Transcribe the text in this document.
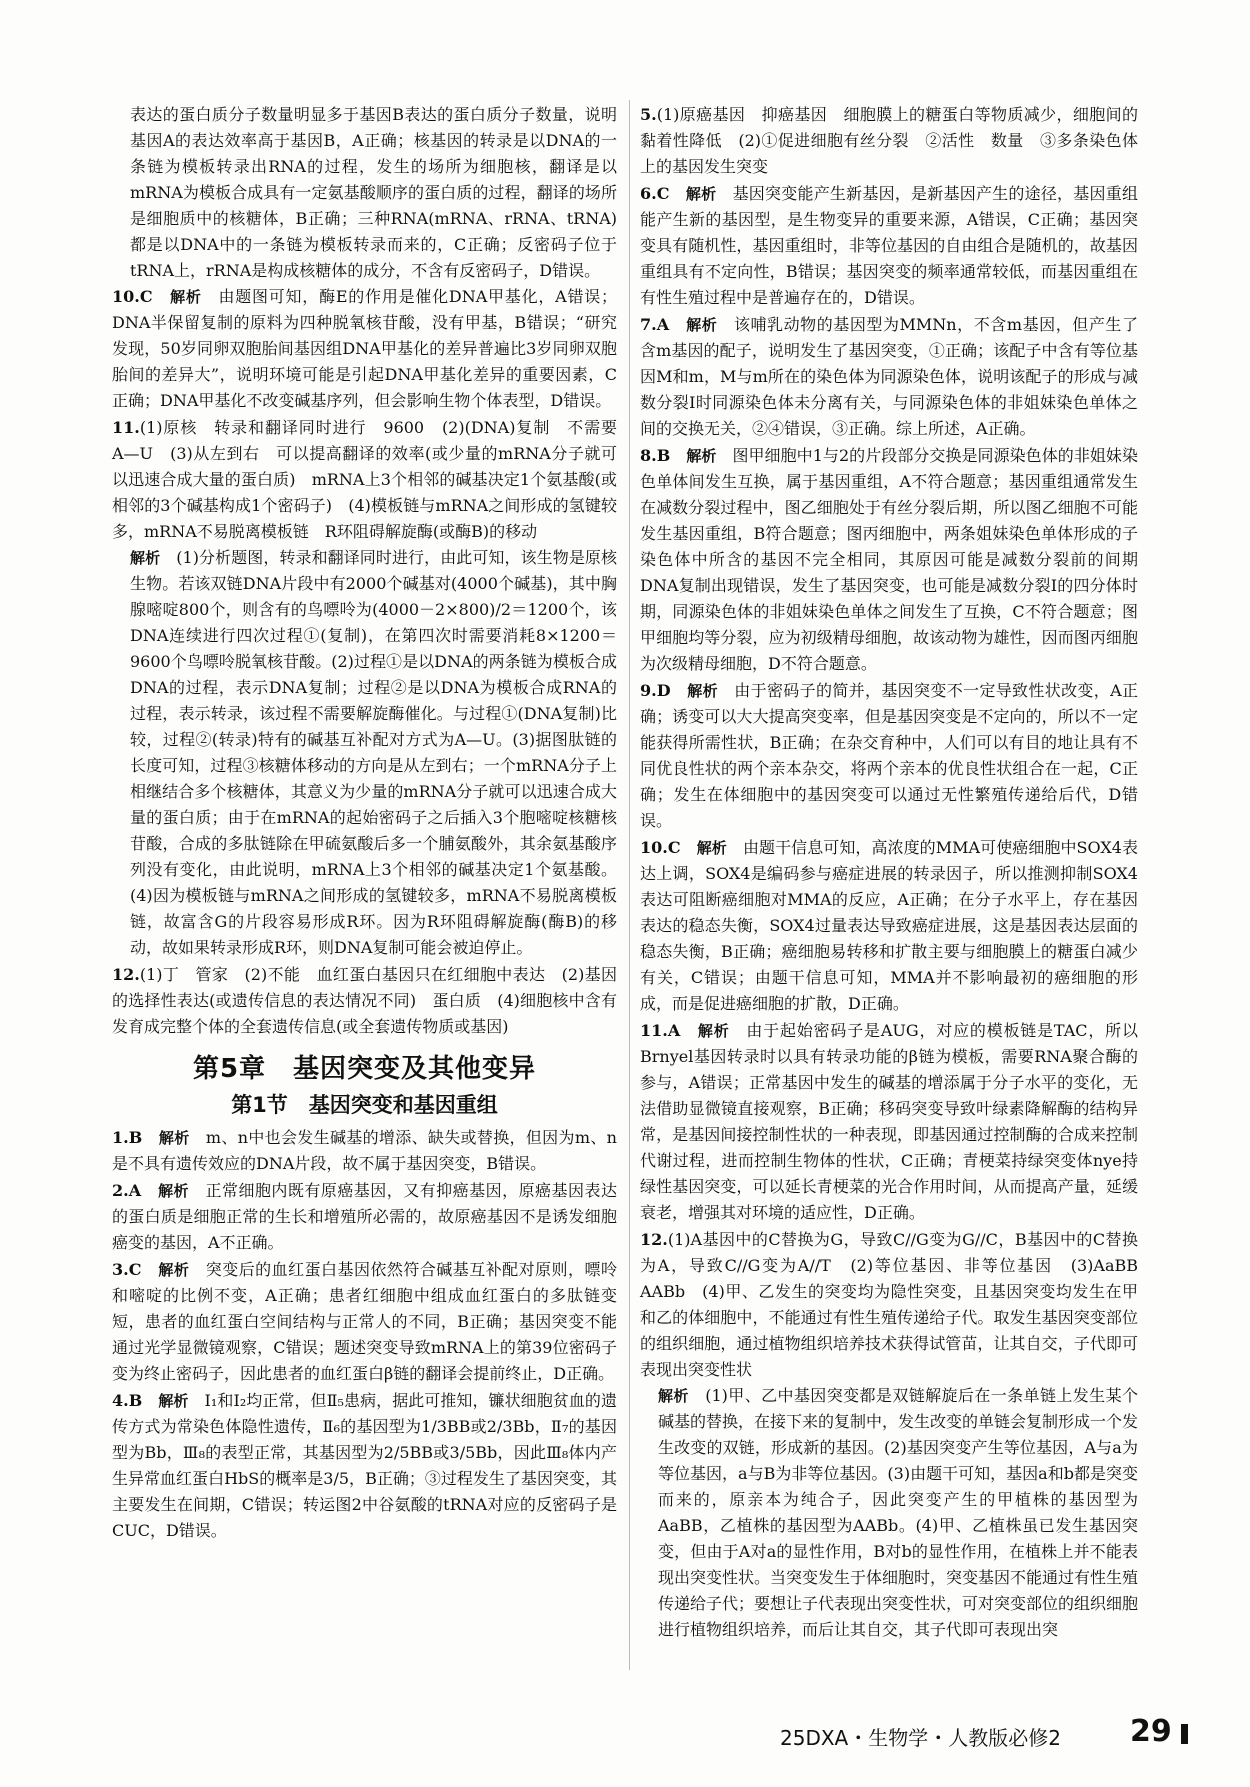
表达的蛋白质分子数量明显多于基因B表达的蛋白质分子数量，说明基因A的表达效率高于基因B，A正确；核基因的转录是以DNA的一条链为模板转录出RNA的过程，发生的场所为细胞核，翻译是以mRNA为模板合成具有一定氨基酸顺序的蛋白质的过程，翻译的场所是细胞质中的核糖体，B正确；三种RNA(mRNA、rRNA、tRNA)都是以DNA中的一条链为模板转录而来的，C正确；反密码子位于tRNA上，rRNA是构成核糖体的成分，不含有反密码子，D错误。
10.C　 解析　 由题图可知，酶E的作用是催化DNA甲基化，A错误；DNA半保留复制的原料为四种脱氧核苷酸，没有甲基，B错误；“研究发现，50岁同卵双胞胎间基因组DNA甲基化的差异普遍比3岁同卵双胞胎间的差异大”，说明环境可能是引起DNA甲基化差异的重要因素，C正确；DNA甲基化不改变碱基序列，但会影响生物个体表型，D错误。
11.(1)原核　转录和翻译同时进行　9600　(2)(DNA)复制　不需要　A—U　(3)从左到右　可以提高翻译的效率(或少量的mRNA分子就可以迅速合成大量的蛋白质)　mRNA上3个相邻的碱基决定1个氨基酸(或相邻的3个碱基构成1个密码子)　(4)模板链与mRNA之间形成的氢键较多，mRNA不易脱离模板链　R环阻碍解旋酶(或酶B)的移动
解析　 (1)分析题图，转录和翻译同时进行，由此可知，该生物是原核生物。若该双链DNA片段中有2000个碱基对(4000个碱基)，其中胸腺嘧啶800个，则含有的鸟嘌呤为(4000－2×800)/2＝1200个，该DNA连续进行四次过程①(复制)，在第四次时需要消耗8×1200＝9600个鸟嘌呤脱氧核苷酸。(2)过程①是以DNA的两条链为模板合成DNA的过程，表示DNA复制；过程②是以DNA为模板合成RNA的过程，表示转录，该过程不需要解旋酶催化。与过程①(DNA复制)比较，过程②(转录)特有的碱基互补配对方式为A—U。(3)据图肽链的长度可知，过程③核糖体移动的方向是从左到右；一个mRNA分子上相继结合多个核糖体，其意义为少量的mRNA分子就可以迅速合成大量的蛋白质；由于在mRNA的起始密码子之后插入3个胞嘧啶核糖核苷酸，合成的多肽链除在甲硫氨酸后多一个脯氨酸外，其余氨基酸序列没有变化，由此说明，mRNA上3个相邻的碱基决定1个氨基酸。(4)因为模板链与mRNA之间形成的氢键较多，mRNA不易脱离模板链，故富含G的片段容易形成R环。因为R环阻碍解旋酶(酶B)的移动，故如果转录形成R环，则DNA复制可能会被迫停止。
12.(1)丁　管家　(2)不能　血红蛋白基因只在红细胞中表达　(2)基因的选择性表达(或遗传信息的表达情况不同)　蛋白质　(4)细胞核中含有发育成完整个体的全套遗传信息(或全套遗传物质或基因)
第5章　基因突变及其他变异
第1节　基因突变和基因重组
1.B　 解析　 m、n中也会发生碱基的增添、缺失或替换，但因为m、n是不具有遗传效应的DNA片段，故不属于基因突变，B错误。
2.A　 解析　 正常细胞内既有原癌基因，又有抑癌基因，原癌基因表达的蛋白质是细胞正常的生长和增殖所必需的，故原癌基因不是诱发细胞癌变的基因，A不正确。
3.C　 解析　 突变后的血红蛋白基因依然符合碱基互补配对原则，嘌呤和嘧啶的比例不变，A正确；患者红细胞中组成血红蛋白的多肽链变短，患者的血红蛋白空间结构与正常人的不同，B正确；基因突变不能通过光学显微镜观察，C错误；题述突变导致mRNA上的第39位密码子变为终止密码子，因此患者的血红蛋白β链的翻译会提前终止，D正确。
4.B　 解析　 Ⅰ₁和Ⅰ₂均正常，但Ⅱ₅患病，据此可推知，镰状细胞贫血的遗传方式为常染色体隐性遗传，Ⅱ₆的基因型为1/3BB或2/3Bb，Ⅱ₇的基因型为Bb，Ⅲ₈的表型正常，其基因型为2/5BB或3/5Bb，因此Ⅲ₈体内产生异常血红蛋白HbS的概率是3/5，B正确；③过程发生了基因突变，其主要发生在间期，C错误；转运图2中谷氨酸的tRNA对应的反密码子是CUC，D错误。
5.(1)原癌基因　抑癌基因　细胞膜上的糖蛋白等物质减少，细胞间的黏着性降低　(2)①促进细胞有丝分裂　②活性　数量　③多条染色体上的基因发生突变
6.C　 解析　 基因突变能产生新基因，是新基因产生的途径，基因重组能产生新的基因型，是生物变异的重要来源，A错误，C正确；基因突变具有随机性，基因重组时，非等位基因的自由组合是随机的，故基因重组具有不定向性，B错误；基因突变的频率通常较低，而基因重组在有性生殖过程中是普遍存在的，D错误。
7.A　 解析　 该哺乳动物的基因型为MMNn，不含m基因，但产生了含m基因的配子，说明发生了基因突变，①正确；该配子中含有等位基因M和m，M与m所在的染色体为同源染色体，说明该配子的形成与减数分裂Ⅰ时同源染色体未分离有关，与同源染色体的非姐妹染色单体之间的交换无关，②④错误，③正确。综上所述，A正确。
8.B　 解析　 图甲细胞中1与2的片段部分交换是同源染色体的非姐妹染色单体间发生互换，属于基因重组，A不符合题意；基因重组通常发生在减数分裂过程中，图乙细胞处于有丝分裂后期，所以图乙细胞不可能发生基因重组，B符合题意；图丙细胞中，两条姐妹染色单体形成的子染色体中所含的基因不完全相同，其原因可能是减数分裂前的间期DNA复制出现错误，发生了基因突变，也可能是减数分裂Ⅰ的四分体时期，同源染色体的非姐妹染色单体之间发生了互换，C不符合题意；图甲细胞均等分裂，应为初级精母细胞，故该动物为雄性，因而图丙细胞为次级精母细胞，D不符合题意。
9.D　 解析　 由于密码子的简并，基因突变不一定导致性状改变，A正确；诱变可以大大提高突变率，但是基因突变是不定向的，所以不一定能获得所需性状，B正确；在杂交育种中，人们可以有目的地让具有不同优良性状的两个亲本杂交，将两个亲本的优良性状组合在一起，C正确；发生在体细胞中的基因突变可以通过无性繁殖传递给后代，D错误。
10.C　 解析　 由题干信息可知，高浓度的MMA可使癌细胞中SOX4表达上调，SOX4是编码参与癌症进展的转录因子，所以推测抑制SOX4表达可阻断癌细胞对MMA的反应，A正确；在分子水平上，存在基因表达的稳态失衡，SOX4过量表达导致癌症进展，这是基因表达层面的稳态失衡，B正确；癌细胞易转移和扩散主要与细胞膜上的糖蛋白减少有关，C错误；由题干信息可知，MMA并不影响最初的癌细胞的形成，而是促进癌细胞的扩散，D正确。
11.A　 解析　 由于起始密码子是AUG，对应的模板链是TAC，所以Brnyel基因转录时以具有转录功能的β链为模板，需要RNA聚合酶的参与，A错误；正常基因中发生的碱基的增添属于分子水平的变化，无法借助显微镜直接观察，B正确；移码突变导致叶绿素降解酶的结构异常，是基因间接控制性状的一种表现，即基因通过控制酶的合成来控制代谢过程，进而控制生物体的性状，C正确；青梗菜持绿突变体nye持绿性基因突变，可以延长青梗菜的光合作用时间，从而提高产量，延缓衰老，增强其对环境的适应性，D正确。
12.(1)A基因中的C替换为G，导致C//G变为G//C，B基因中的C替换为A，导致C//G变为A//T　(2)等位基因、非等位基因　(3)AaBB　AABb　(4)甲、乙发生的突变均为隐性突变，且基因突变均发生在甲和乙的体细胞中，不能通过有性生殖传递给子代。取发生基因突变部位的组织细胞，通过植物组织培养技术获得试管苗，让其自交，子代即可表现出突变性状
解析　 (1)甲、乙中基因突变都是双链解旋后在一条单链上发生某个碱基的替换，在接下来的复制中，发生改变的单链会复制形成一个发生改变的双链，形成新的基因。(2)基因突变产生等位基因，A与a为等位基因，a与B为非等位基因。(3)由题干可知，基因a和b都是突变而来的，原亲本为纯合子，因此突变产生的甲植株的基因型为AaBB，乙植株的基因型为AABb。(4)甲、乙植株虽已发生基因突变，但由于A对a的显性作用，B对b的显性作用，在植株上并不能表现出突变性状。当突变发生于体细胞时，突变基因不能通过有性生殖传递给子代；要想让子代表现出突变性状，可对突变部位的组织细胞进行植物组织培养，而后让其自交，其子代即可表现出突
25DXA・生物学・人教版必修2 29
